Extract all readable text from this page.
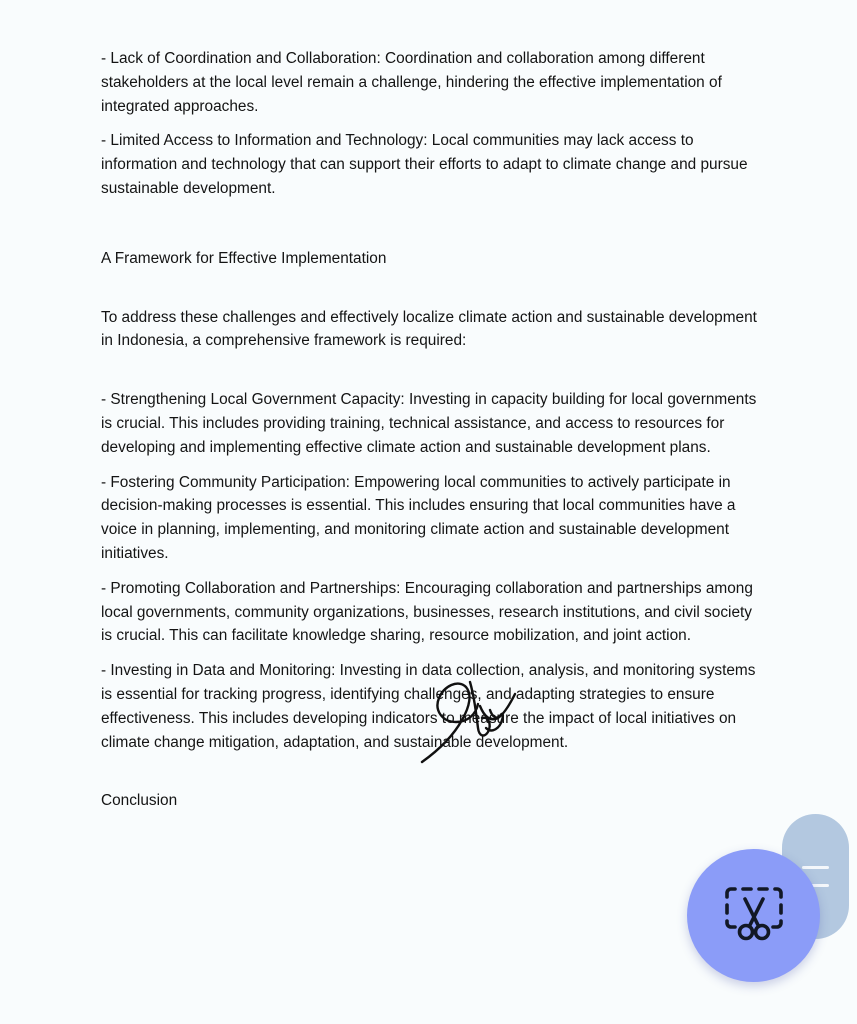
- Lack of Coordination and Collaboration: Coordination and collaboration among different stakeholders at the local level remain a challenge, hindering the effective implementation of integrated approaches.

- Limited Access to Information and Technology: Local communities may lack access to information and technology that can support their efforts to adapt to climate change and pursue sustainable development.

A Framework for Effective Implementation

To address these challenges and effectively localize climate action and sustainable development in Indonesia, a comprehensive framework is required:

- Strengthening Local Government Capacity: Investing in capacity building for local governments is crucial. This includes providing training, technical assistance, and access to resources for developing and implementing effective climate action and sustainable development plans.

- Fostering Community Participation: Empowering local communities to actively participate in decision-making processes is essential. This includes ensuring that local communities have a voice in planning, implementing, and monitoring climate action and sustainable development initiatives.

- Promoting Collaboration and Partnerships: Encouraging collaboration and partnerships among local governments, community organizations, businesses, research institutions, and civil society is crucial. This can facilitate knowledge sharing, resource mobilization, and joint action.

- Investing in Data and Monitoring: Investing in data collection, analysis, and monitoring systems is essential for tracking progress, identifying challenges, and adapting strategies to ensure effectiveness. This includes developing indicators to measure the impact of local initiatives on climate change mitigation, adaptation, and sustainable development.

Conclusion
